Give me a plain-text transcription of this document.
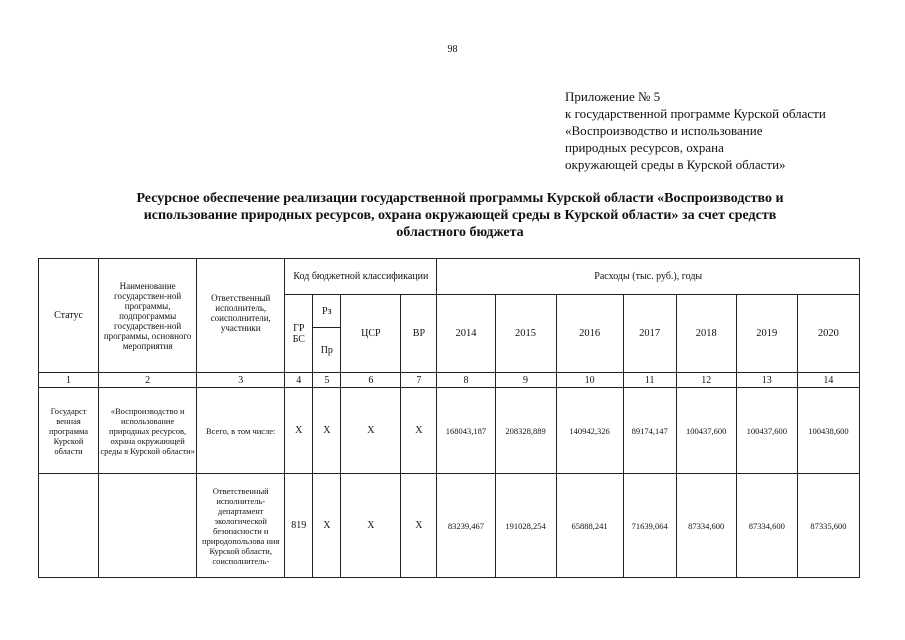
98
Приложение № 5
к государственной программе Курской области
«Воспроизводство и использование
природных ресурсов, охрана
окружающей среды в Курской области»
Ресурсное обеспечение реализации государственной программы Курской области «Воспроизводство и
использование природных ресурсов, охрана окружающей среды в Курской области» за счет средств
областного бюджета
Статус	Наименование государствен-ной программы, подпрограммы государствен-ной программы, основного мероприятия	Ответственный исполнитель, соисполнители, участники	Код бюджетной классификации				Расходы (тыс. руб.), годы						
			ГР БС	Рз	ЦСР	ВР	2014	2015	2016	2017	2018	2019	2020
				Пр									
1	2	3	4	5	6	7	8	9	10	11	12	13	14
Государст венная программа Курской области	«Воспроизводство и использование природных ресурсов, охрана окружающей среды в Курской области»	Всего, в том числе:	X	X	X	X	168043,187	208328,889	140942,326	89174,147	100437,600	100437,600	100438,600
		Ответственный исполнитель-департамент экологической безопасности и природопользова ния Курской области, соисполнитель-	819	X	X	X	83239,467	191028,254	65888,241	71639,064	87334,600	87334,600	87335,600
